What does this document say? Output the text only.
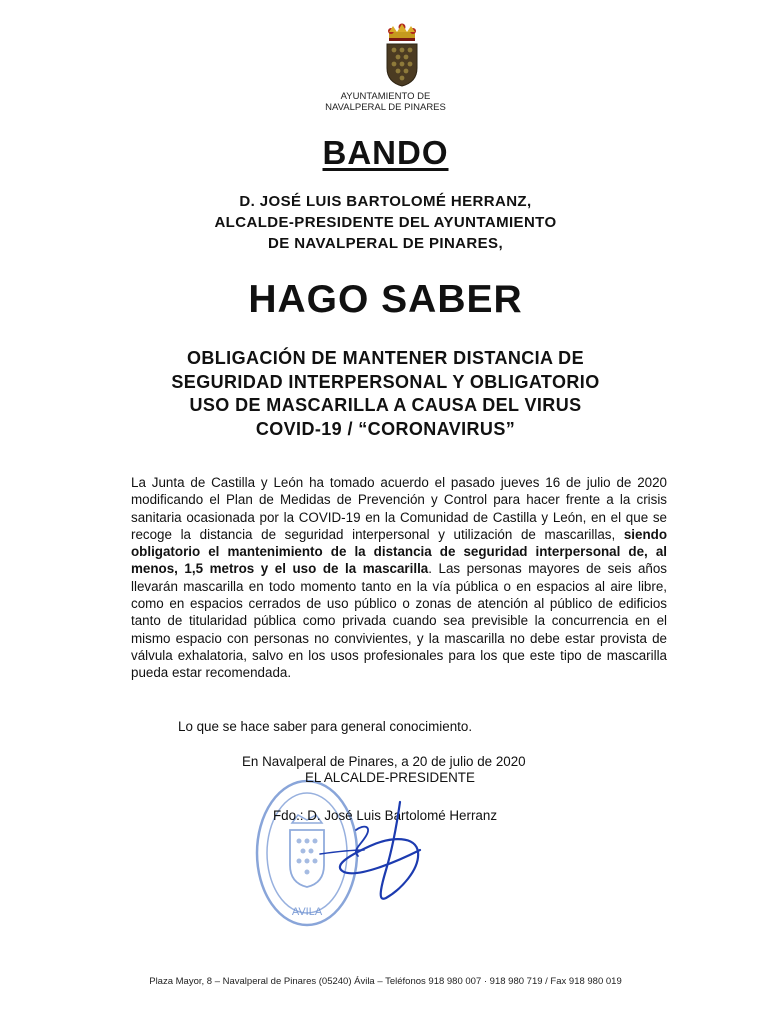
AYUNTAMIENTO DE
NAVALPERAL DE PINARES
BANDO
D. JOSÉ LUIS BARTOLOMÉ HERRANZ,
ALCALDE-PRESIDENTE DEL AYUNTAMIENTO
DE NAVALPERAL DE PINARES,
HAGO SABER
OBLIGACIÓN DE MANTENER DISTANCIA DE
SEGURIDAD INTERPERSONAL Y OBLIGATORIO
USO DE MASCARILLA A CAUSA DEL VIRUS
COVID-19 / “CORONAVIRUS”
La Junta de Castilla y León ha tomado acuerdo el pasado jueves 16 de julio de 2020 modificando el Plan de Medidas de Prevención y Control para hacer frente a la crisis sanitaria ocasionada por la COVID-19 en la Comunidad de Castilla y León, en el que se recoge la distancia de seguridad interpersonal y utilización de mascarillas, siendo obligatorio el mantenimiento de la distancia de seguridad interpersonal de, al menos, 1,5 metros y el uso de la mascarilla. Las personas mayores de seis años llevarán mascarilla en todo momento tanto en la vía pública o en espacios al aire libre, como en espacios cerrados de uso público o zonas de atención al público de edificios tanto de titularidad pública como privada cuando sea previsible la concurrencia en el mismo espacio con personas no convivientes, y la mascarilla no debe estar provista de válvula exhalatoria, salvo en los usos profesionales para los que este tipo de mascarilla pueda estar recomendada.
Lo que se hace saber para general conocimiento.
AVILA
En Navalperal de Pinares, a 20 de julio de 2020
EL ALCALDE-PRESIDENTE
Fdo.: D. José Luis Bartolomé Herranz
Plaza Mayor, 8 – Navalperal de Pinares (05240) Ávila – Teléfonos 918 980 007 · 918 980 719 / Fax 918 980 019
